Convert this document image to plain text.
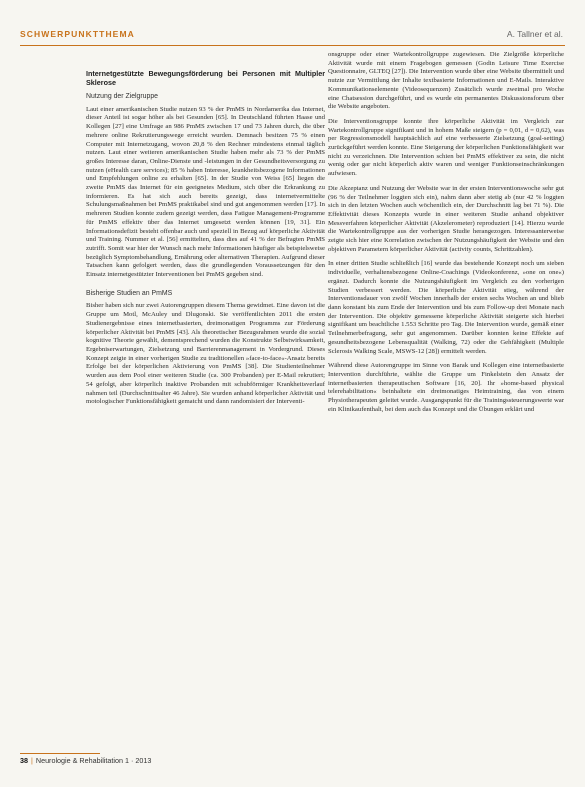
SCHWERPUNKTTHEMA	A. Tallner et al.
Internetgestützte Bewegungsförderung bei Personen mit Multipler Sklerose
Nutzung der Zielgruppe

Laut einer amerikanischen Studie nutzen 93 % der PmMS in Nordamerika das Internet, dieser Anteil ist sogar höher als bei Gesunden [65]. In Deutschland führten Haase und Kollegen [27] eine Umfrage an 986 PmMS zwischen 17 und 73 Jahren durch, die über mehrere online Rekrutierungswege erreicht wurden. Demnach besitzen 75 % einen Computer mit Internetzugang, wovon 20,8 % den Rechner mindestens einmal täglich nutzen. Laut einer weiteren amerikanischen Studie haben mehr als 73 % der PmMS großes Interesse daran, Online-Dienste und -leistungen in der Gesundheitsversorgung zu nutzen (eHealth care services); 85 % haben Interesse, krankheitsbezogene Informationen und Empfehlungen online zu erhalten [65]. In der Studie von Weiss [65] liegen die zweite PmMS das Internet für ein geeignetes Medium, sich über die Erkrankung zu informieren. Es hat sich auch bereits gezeigt, dass internetvermittelte Schulungsmaßnahmen bei PmMS praktikabel sind und gut angenommen werden [17]. In mehreren Studien konnte zudem gezeigt werden, dass Fatigue Management-Programme für PmMS effektiv über das Internet umgesetzt werden können [19, 31]. Ein Informationsdefizit besteht offenbar auch und speziell in Bezug auf körperliche Aktivität und Training. Nummer et al. [56] ermittelten, dass dies auf 41 % der Befragten PmMS zutrifft. Somit war hier der Wunsch nach mehr Informationen häufiger als beispielsweise bezüglich Symptombehandlung, Ernährung oder alternativen Therapien. Aufgrund dieser Tatsachen kann gefolgert werden, dass die grundlegenden Voraussetzungen für den Einsatz internetgestützter Interventionen bei PmMS gegeben sind.

Bisherige Studien an PmMS

Bisher haben sich nur zwei Autorengruppen diesem Thema gewidmet. Eine davon ist die Gruppe um Motl, McAuley und Dlugonski. Sie veröffentlichten 2011 die ersten Studienergebnisse eines internetbasierten, dreimonatigen Programms zur Förderung körperlicher Aktivität bei PmMS [43]. Als theoretischer Bezugsrahmen wurde die sozial kognitive Theorie gewählt, dementsprechend wurden die Konstrukte Selbstwirksamkeit, Ergebniserwartungen, Zielsetzung und Barrierenmanagement in Vordergrund. Dieses Konzept zeigte in einer vorherigen Studie zu traditionellen »face-to-face«-Ansatz bereits Erfolge bei der körperlichen Aktivierung von PmMS [38]. Die Studienteilnehmer wurden aus dem Pool einer weiteren Studie (ca. 300 Probanden) per E-Mail rekrutiert; 54 gefolgt, aber körperlich inaktive Probanden mit schubförmiger Krankheitsverlauf nahmen teil (Durchschnittsalter 46 Jahre). Sie wurden anhand körperlicher Aktivität und motologischer Funktionsfähigkeit gematcht und dann randomisiert der Interventi-

onsgruppe oder einer Wartekontrollgruppe zugewiesen. Die Zielgröße körperliche Aktivität wurde mit einem Fragebogen gemessen (Godin Leisure Time Exercise Questionnaire, GLTEQ [27]). Die Intervention wurde über eine Website übermittelt und nutzte zur Vermittlung der Inhalte textbasierte Informationen und E-Mails. Interaktive Kommunikationselemente (Videosequenzen) Zusätzlich wurde zweimal pro Woche eine Chatsession durchgeführt, und es wurde ein permanentes Diskussionsforum über die Website angeboten.

Die Interventionsgruppe konnte ihre körperliche Aktivität im Vergleich zur Wartekontrollgruppe signifikant und in hohem Maße steigern (p = 0,01, d = 0,62), was per Regressionsmodell hauptsächlich auf eine verbesserte Zielsetzung (goal-setting) zurückgeführt werden konnte. Eine Steigerung der körperlichen Funktionsfähigkeit war nicht zu verzeichnen. Die Intervention schien bei PmMS effektiver zu sein, die nicht wenig oder gar nicht körperlich aktiv waren und weniger Funktionseinschränkungen aufwiesen.

Die Akzeptanz und Nutzung der Website war in der ersten Interventionswoche sehr gut (96 % der Teilnehmer loggten sich ein), nahm dann aber stetig ab (nur 42 % loggten sich in den letzten Wochen auch wöchentlich ein, der Durchschnitt lag bei 71 %). Die Effektivität dieses Konzepts wurde in einer weiteren Studie anhand objektiver Messverfahren körperlicher Aktivität (Akzelerometer) reproduziert [14]. Hierzu wurde die Wartekontrollgruppe aus der vorherigen Studie herangezogen. Interessanterweise zeigte sich hier eine Korrelation zwischen der Nutzungshäufigkeit der Website und den objektiven Parametern körperlicher Aktivität (activity counts, Schrittzahlen).

In einer dritten Studie schließlich [16] wurde das bestehende Konzept noch um sieben individuelle, verhaltensbezogene Online-Coachings (Videokonferenz, »one on one«) ergänzt. Dadurch konnte die Nutzungshäufigkeit im Vergleich zu den vorherigen Studien verbessert werden. Die körperliche Aktivität stieg, während der Interventionsdauer von zwölf Wochen innerhalb der ersten sechs Wochen an und blieb dann konstant bis zum Ende der Intervention und bis zum Follow-up drei Monate nach der Intervention. Die objektiv gemessene körperliche Aktivität steigerte sich hierbei signifikant um beachtliche 1.553 Schritte pro Tag. Die Intervention wurde, gemäß einer Teilnehmerbefragung, sehr gut angenommen. Darüber konnten keine Effekte auf gesundheitsbezogene Lebensqualität (Walking, 72) oder die Gehfähigkeit (Multiple Sclerosis Walking Scale, MSWS-12 [28]) ermittelt werden.

Während diese Autorengruppe im Sinne von Barak und Kollegen eine internetbasierte Intervention durchführte, wählte die Gruppe um Finkelstein den Ansatz der internetbasierten therapeutischen Software [16, 20]. Ihr »home-based physical telerehabilitation« beinhaltete ein dreimonatiges Heimtraining, das von einem Physiotherapeuten geleitet wurde. Ausgangspunkt für die Trainingssteuerungswerte war ein Klinikaufenthalt, bei dem auch das Konzept und die Übungen erklärt und

38 | Neurologie & Rehabilitation 1 · 2013
